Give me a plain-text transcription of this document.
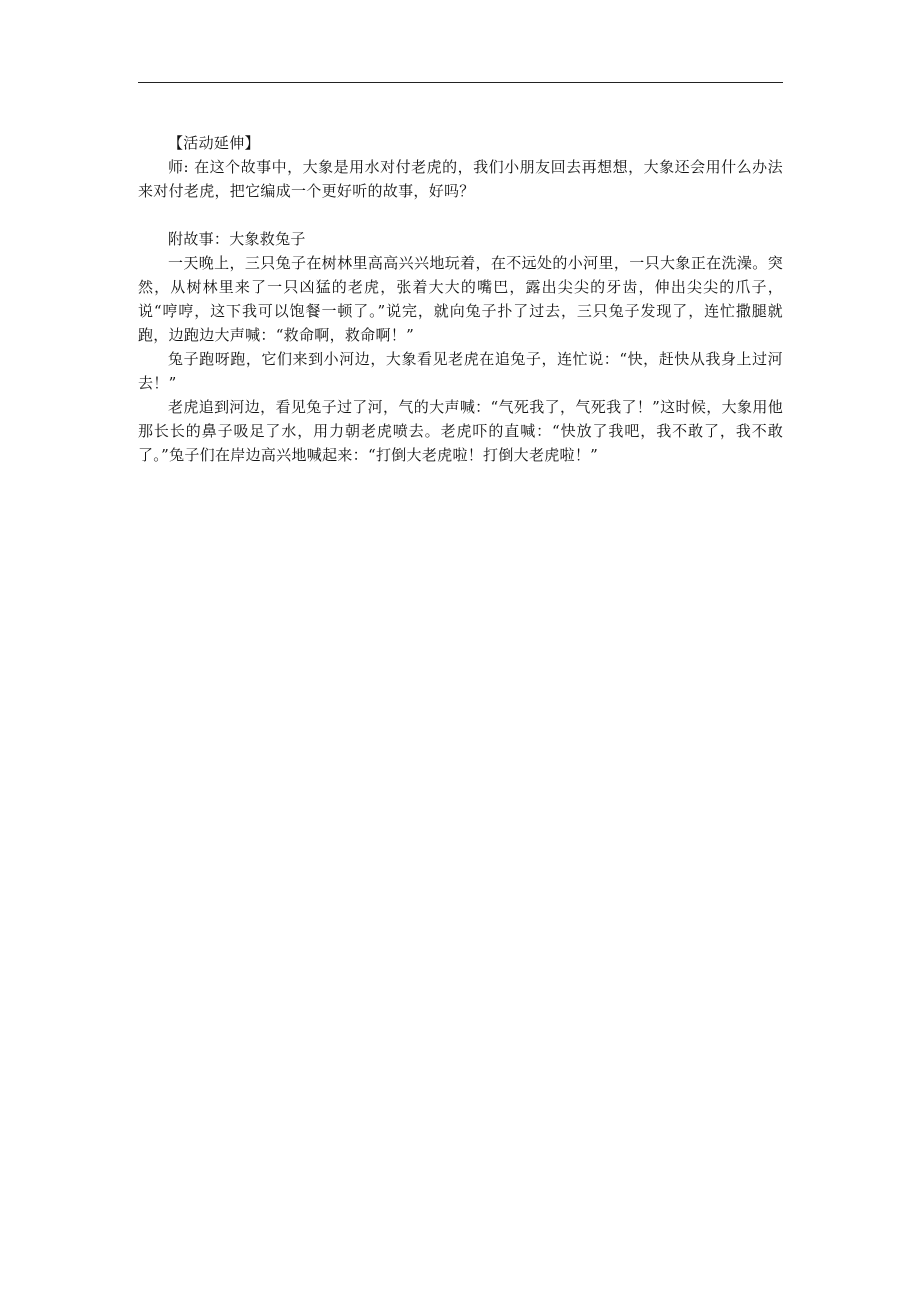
【活动延伸】

师: 在这个故事中，大象是用水对付老虎的，我们小朋友回去再想想，大象还会用什么办法来对付老虎，把它编成一个更好听的故事，好吗？

附故事：大象救兔子

一天晚上，三只兔子在树林里高高兴兴地玩着，在不远处的小河里，一只大象正在洗澡。突然，从树林里来了一只凶猛的老虎，张着大大的嘴巴，露出尖尖的牙齿，伸出尖尖的爪子，说“哼哼，这下我可以饱餐一顿了。”说完，就向兔子扑了过去，三只兔子发现了，连忙撒腿就跑，边跑边大声喊：“救命啊，救命啊！”

兔子跑呀跑，它们来到小河边，大象看见老虎在追兔子，连忙说：“快，赶快从我身上过河去！”

老虎追到河边，看见兔子过了河，气的大声喊：“气死我了，气死我了！”这时候，大象用他那长长的鼻子吸足了水，用力朝老虎喷去。老虎吓的直喊：“快放了我吧，我不敢了，我不敢了。”兔子们在岸边高兴地喊起来：“打倒大老虎啦！打倒大老虎啦！”
